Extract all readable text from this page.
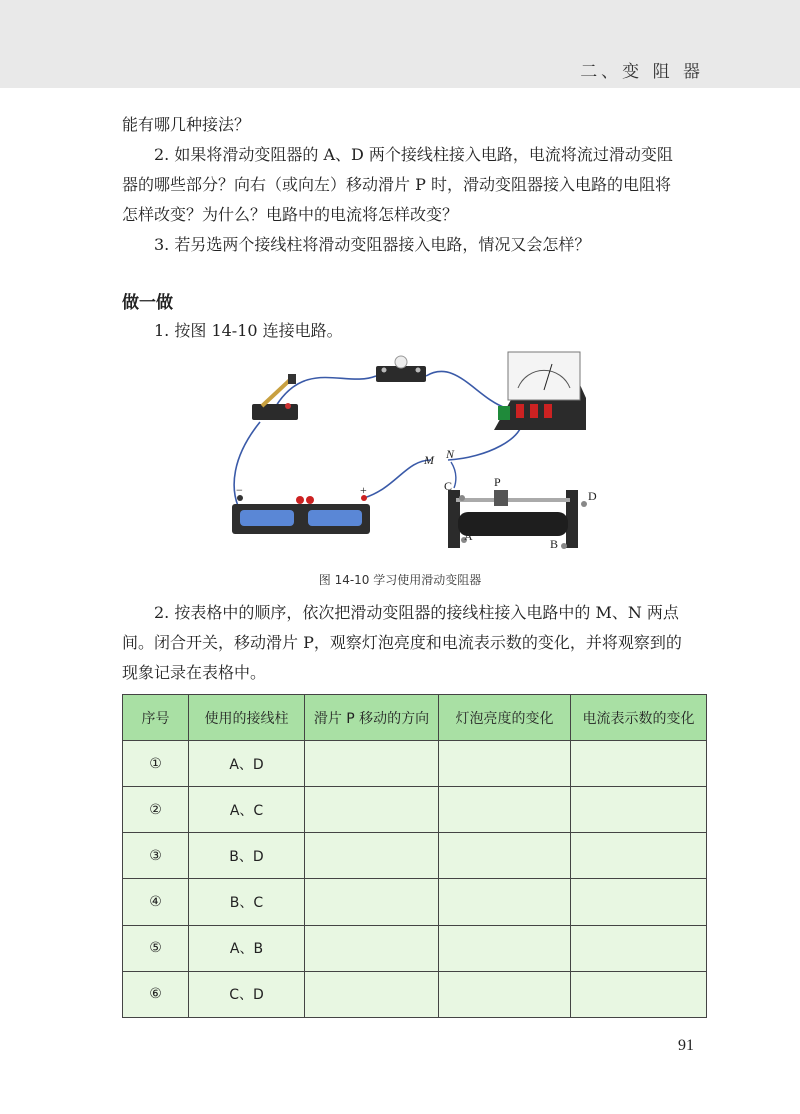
二、变 阻 器

能有哪几种接法？

2. 如果将滑动变阻器的 A、D 两个接线柱接入电路，电流将流过滑动变阻器的哪些部分？向右（或向左）移动滑片 P 时，滑动变阻器接入电路的电阻将怎样改变？为什么？电路中的电流将怎样改变？

3. 若另选两个接线柱将滑动变阻器接入电路，情况又会怎样？

做一做

1. 按图 14-10 连接电路。

M N
C	P
D
A
B
−	+
图 14-10 学习使用滑动变阻器

2. 按表格中的顺序，依次把滑动变阻器的接线柱接入电路中的 M、N 两点间。闭合开关，移动滑片 P，观察灯泡亮度和电流表示数的变化，并将观察到的现象记录在表格中。

序号	使用的接线柱	滑片 P 移动的方向	灯泡亮度的变化	电流表示数的变化
①	A、D			
②	A、C			
③	B、D			
④	B、C			
⑤	A、B			
⑥	C、D			
91
